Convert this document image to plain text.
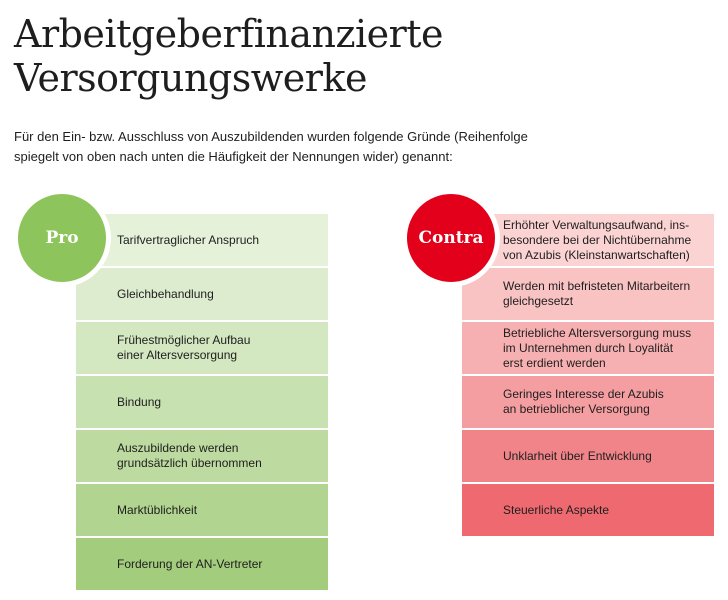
Arbeitgeberfinanzierte
Versorgungswerke
Für den Ein- bzw. Ausschluss von Auszubildenden wurden folgende Gründe (Reihenfolge
spiegelt von oben nach unten die Häufigkeit der Nennungen wider) genannt:
Tarifvertraglicher Anspruch
Gleichbehandlung
Frühestmöglicher Aufbau
einer Altersversorgung
Bindung
Auszubildende werden
grundsätzlich übernommen
Marktüblichkeit
Forderung der AN-Vertreter
Erhöhter Verwaltungsaufwand, ins-
besondere bei der Nichtübernahme
von Azubis (Kleinstanwartschaften)
Werden mit befristeten Mitarbeitern
gleichgesetzt
Betriebliche Altersversorgung muss
im Unternehmen durch Loyalität
erst erdient werden
Geringes Interesse der Azubis
an betrieblicher Versorgung
Unklarheit über Entwicklung
Steuerliche Aspekte
Pro	Contra
